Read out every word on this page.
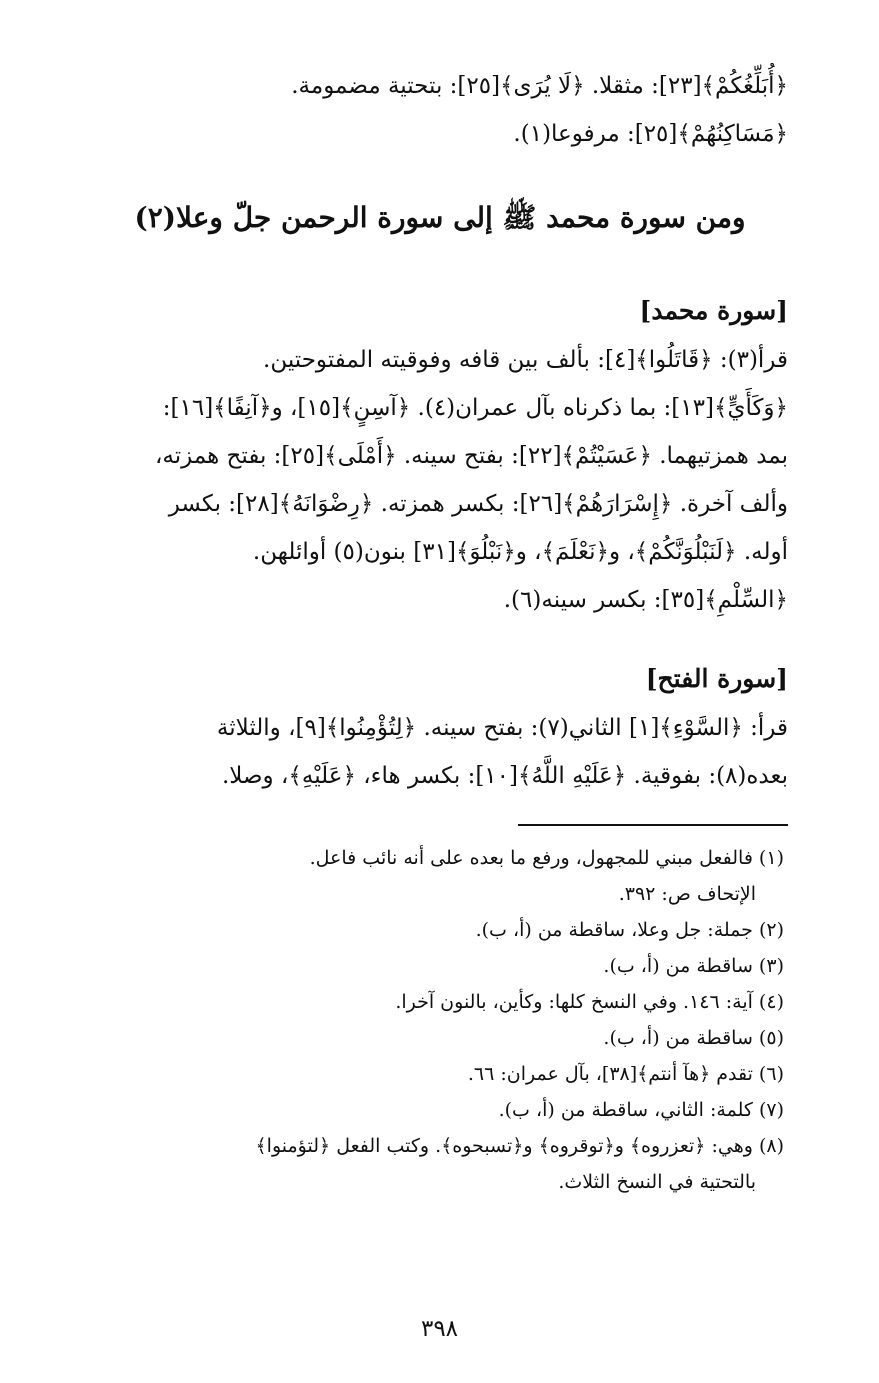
﴿أُبَلِّغُكُمْ﴾[٢٣]: مثقلا. ﴿لَا يُرَى﴾[٢٥]: بتحتية مضمومة.
﴿مَسَاكِنُهُمْ﴾[٢٥]: مرفوعا(١).
ومن سورة محمد ﷺ إلى سورة الرحمن جلّ وعلا(٢)
[سورة محمد]
قرأ(٣): ﴿قَاتَلُوا﴾[٤]: بألف بين قافه وفوقيته المفتوحتين.
﴿وَكَأَيٍّ﴾[١٣]: بما ذكرناه بآل عمران(٤). ﴿آسِنٍ﴾[١٥]، و﴿آنِفًا﴾[١٦]:
بمد همزتيهما. ﴿عَسَيْتُمْ﴾[٢٢]: بفتح سينه. ﴿أَمْلَى﴾[٢٥]: بفتح همزته،
وألف آخرة. ﴿إِسْرَارَهُمْ﴾[٢٦]: بكسر همزته. ﴿رِضْوَانَهُ﴾[٢٨]: بكسر
أوله. ﴿لَنَبْلُوَنَّكُمْ﴾، و﴿نَعْلَمَ﴾، و﴿نَبْلُوَ﴾[٣١] بنون(٥) أوائلهن.
﴿السِّلْمِ﴾[٣٥]: بكسر سينه(٦).
[سورة الفتح]
قرأ: ﴿السَّوْءِ﴾[١] الثاني(٧): بفتح سينه. ﴿لِتُؤْمِنُوا﴾[٩]، والثلاثة
بعده(٨): بفوقية. ﴿عَلَيْهِ اللَّهُ﴾[١٠]: بكسر هاء، ﴿عَلَيْهِ﴾، وصلا.
(١) فالفعل مبني للمجهول، ورفع ما بعده على أنه نائب فاعل.
الإتحاف ص: ٣٩٢.
(٢) جملة: جل وعلا، ساقطة من (أ، ب).
(٣) ساقطة من (أ، ب).
(٤) آية: ١٤٦. وفي النسخ كلها: وكأين، بالنون آخرا.
(٥) ساقطة من (أ، ب).
(٦) تقدم ﴿هآ أنتم﴾[٣٨]، بآل عمران: ٦٦.
(٧) كلمة: الثاني، ساقطة من (أ، ب).
(٨) وهي: ﴿تعزروه﴾ و﴿توقروه﴾ و﴿تسبحوه﴾. وكتب الفعل ﴿لتؤمنوا﴾
بالتحتية في النسخ الثلاث.
٣٩٨
